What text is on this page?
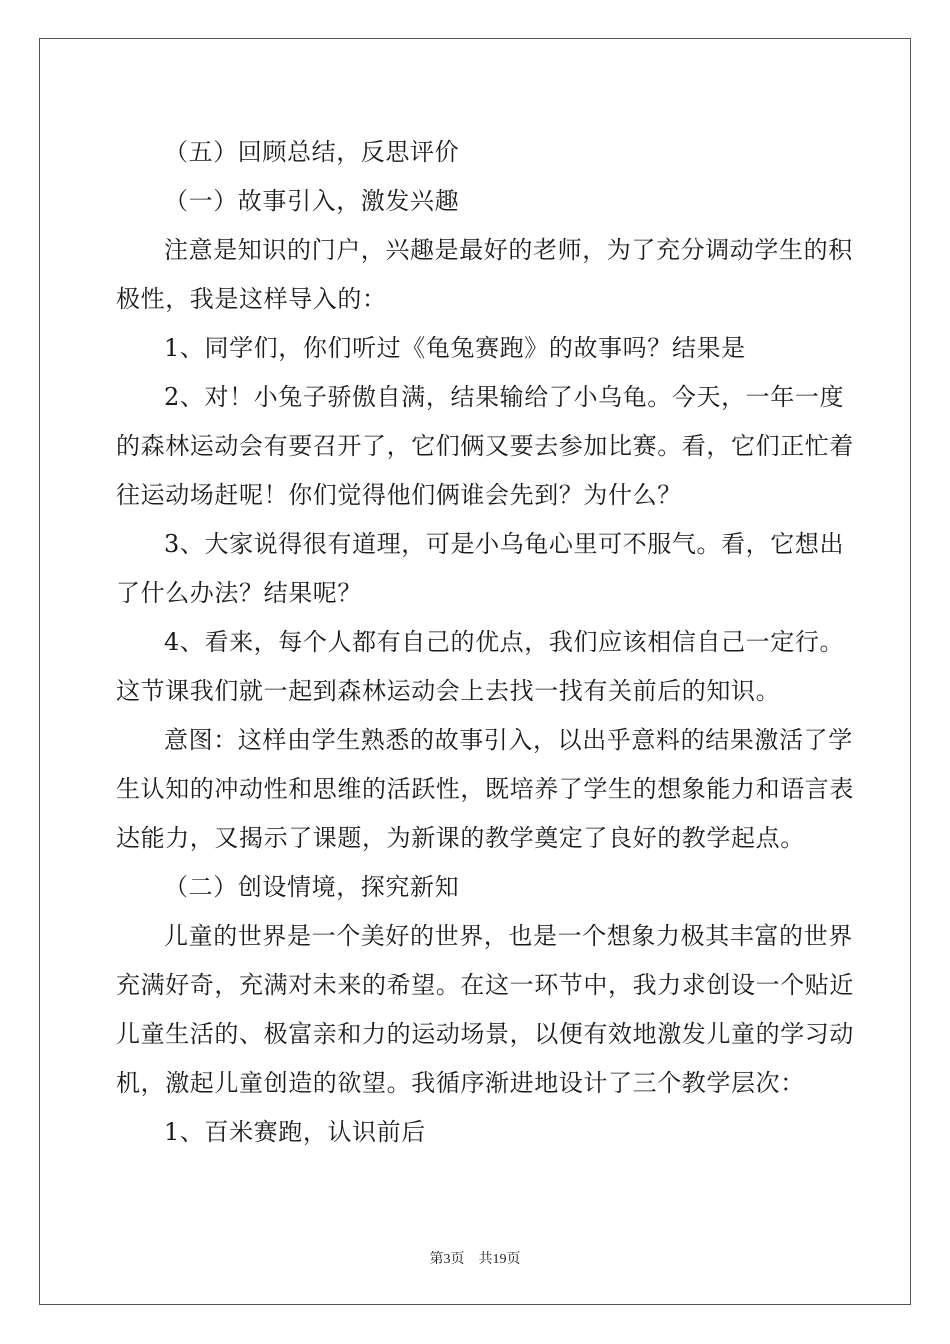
（五）回顾总结，反思评价
（一）故事引入，激发兴趣
注意是知识的门户，兴趣是最好的老师，为了充分调动学生的积
极性，我是这样导入的：
1、同学们，你们听过《龟兔赛跑》的故事吗？结果是
2、对！小兔子骄傲自满，结果输给了小乌龟。今天，一年一度
的森林运动会有要召开了，它们俩又要去参加比赛。看，它们正忙着
往运动场赶呢！你们觉得他们俩谁会先到？为什么？
3、大家说得很有道理，可是小乌龟心里可不服气。看，它想出
了什么办法？结果呢？
4、看来，每个人都有自己的优点，我们应该相信自己一定行。
这节课我们就一起到森林运动会上去找一找有关前后的知识。
意图：这样由学生熟悉的故事引入，以出乎意料的结果激活了学
生认知的冲动性和思维的活跃性，既培养了学生的想象能力和语言表
达能力，又揭示了课题，为新课的教学奠定了良好的教学起点。
（二）创设情境，探究新知
儿童的世界是一个美好的世界，也是一个想象力极其丰富的世界
充满好奇，充满对未来的希望。在这一环节中，我力求创设一个贴近
儿童生活的、极富亲和力的运动场景，以便有效地激发儿童的学习动
机，激起儿童创造的欲望。我循序渐进地设计了三个教学层次：
1、百米赛跑，认识前后
第3页 共19页
